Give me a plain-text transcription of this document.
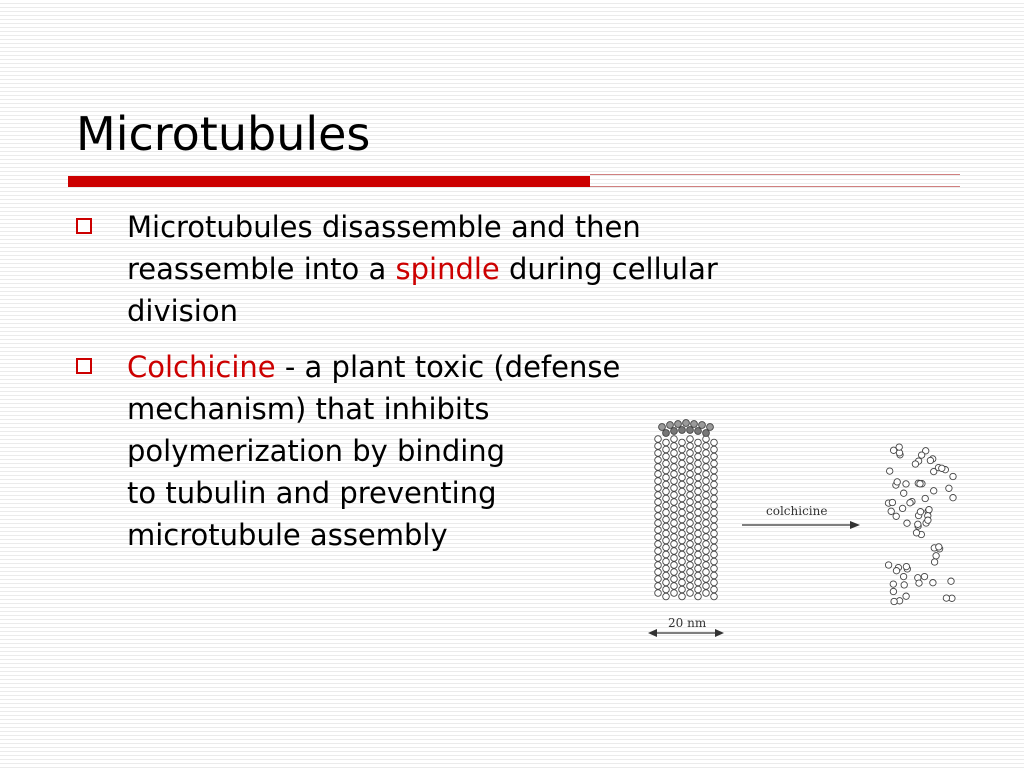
Microtubules
Microtubules disassemble and then
reassemble into a spindle during cellular
division
Colchicine - a plant toxic (defense
mechanism) that inhibits
polymerization by binding
to tubulin and preventing
microtubule assembly
colchicine
20 nm
